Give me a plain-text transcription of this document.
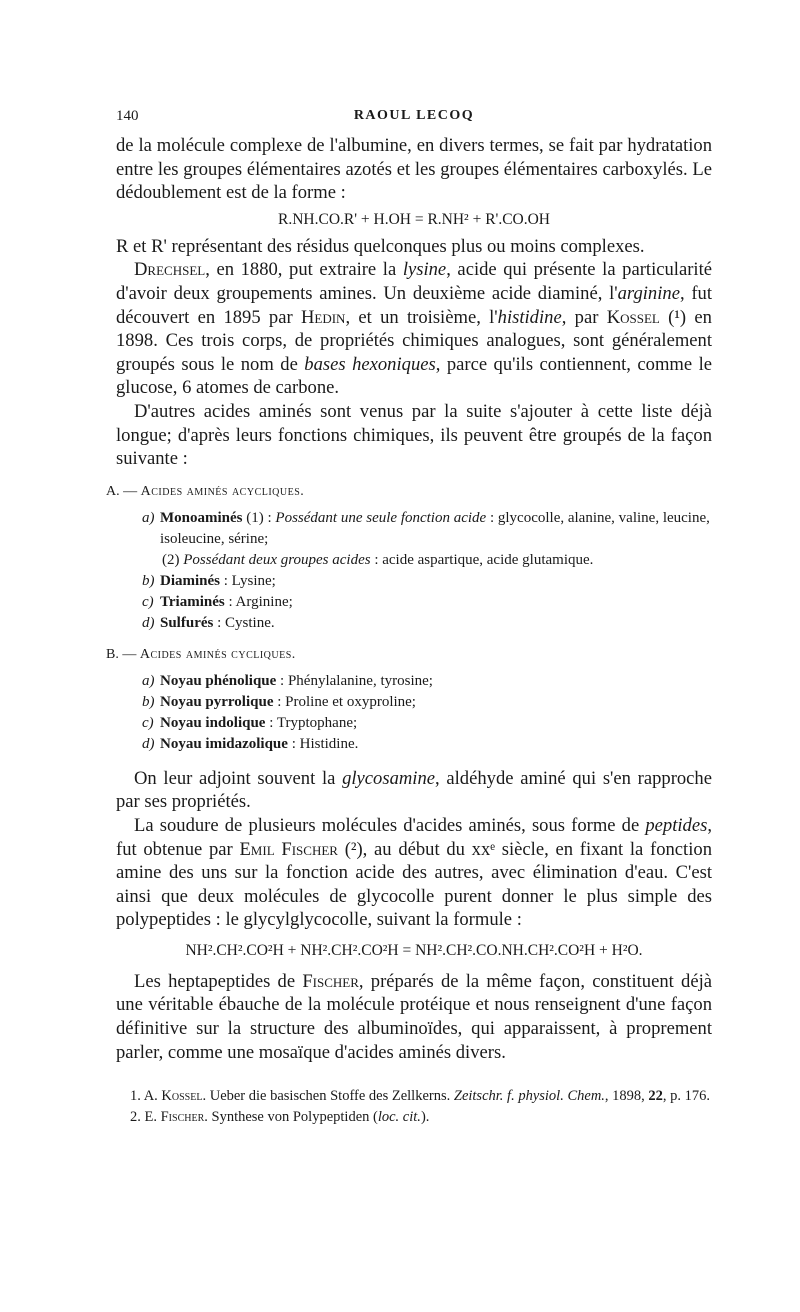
140	RAOUL LECOQ

de la molécule complexe de l'albumine, en divers termes, se fait par hydratation entre les groupes élémentaires azotés et les groupes élémentaires carboxylés. Le dédoublement est de la forme :

R.NH.CO.R' + H.OH = R.NH² + R'.CO.OH

R et R' représentant des résidus quelconques plus ou moins complexes.

Drechsel, en 1880, put extraire la lysine, acide qui présente la particularité d'avoir deux groupements amines. Un deuxième acide diaminé, l'arginine, fut découvert en 1895 par Hedin, et un troisième, l'histidine, par Kossel (¹) en 1898. Ces trois corps, de propriétés chimiques analogues, sont généralement groupés sous le nom de bases hexoniques, parce qu'ils contiennent, comme le glucose, 6 atomes de carbone.

D'autres acides aminés sont venus par la suite s'ajouter à cette liste déjà longue; d'après leurs fonctions chimiques, ils peuvent être groupés de la façon suivante :

A. — Acides aminés acycliques.
a) Monoaminés (1) : Possédant une seule fonction acide : glycocolle, alanine, valine, leucine, isoleucine, sérine;
(2) Possédant deux groupes acides : acide aspartique, acide glutamique.
b) Diaminés : Lysine;
c) Triaminés : Arginine;
d) Sulfurés : Cystine.
B. — Acides aminés cycliques.
a) Noyau phénolique : Phénylalanine, tyrosine;
b) Noyau pyrrolique : Proline et oxyproline;
c) Noyau indolique : Tryptophane;
d) Noyau imidazolique : Histidine.

On leur adjoint souvent la glycosamine, aldéhyde aminé qui s'en rapproche par ses propriétés.

La soudure de plusieurs molécules d'acides aminés, sous forme de peptides, fut obtenue par Emil Fischer (²), au début du xxᵉ siècle, en fixant la fonction amine des uns sur la fonction acide des autres, avec élimination d'eau. C'est ainsi que deux molécules de glycocolle purent donner le plus simple des polypeptides : le glycylglycocolle, suivant la formule :

NH².CH².CO²H + NH².CH².CO²H = NH².CH².CO.NH.CH².CO²H + H²O.

Les heptapeptides de Fischer, préparés de la même façon, constituent déjà une véritable ébauche de la molécule protéique et nous renseignent d'une façon définitive sur la structure des albuminoïdes, qui apparaissent, à proprement parler, comme une mosaïque d'acides aminés divers.

1. A. Kossel. Ueber die basischen Stoffe des Zellkerns. Zeitschr. f. physiol. Chem., 1898, 22, p. 176.
2. E. Fischer. Synthese von Polypeptiden (loc. cit.).
